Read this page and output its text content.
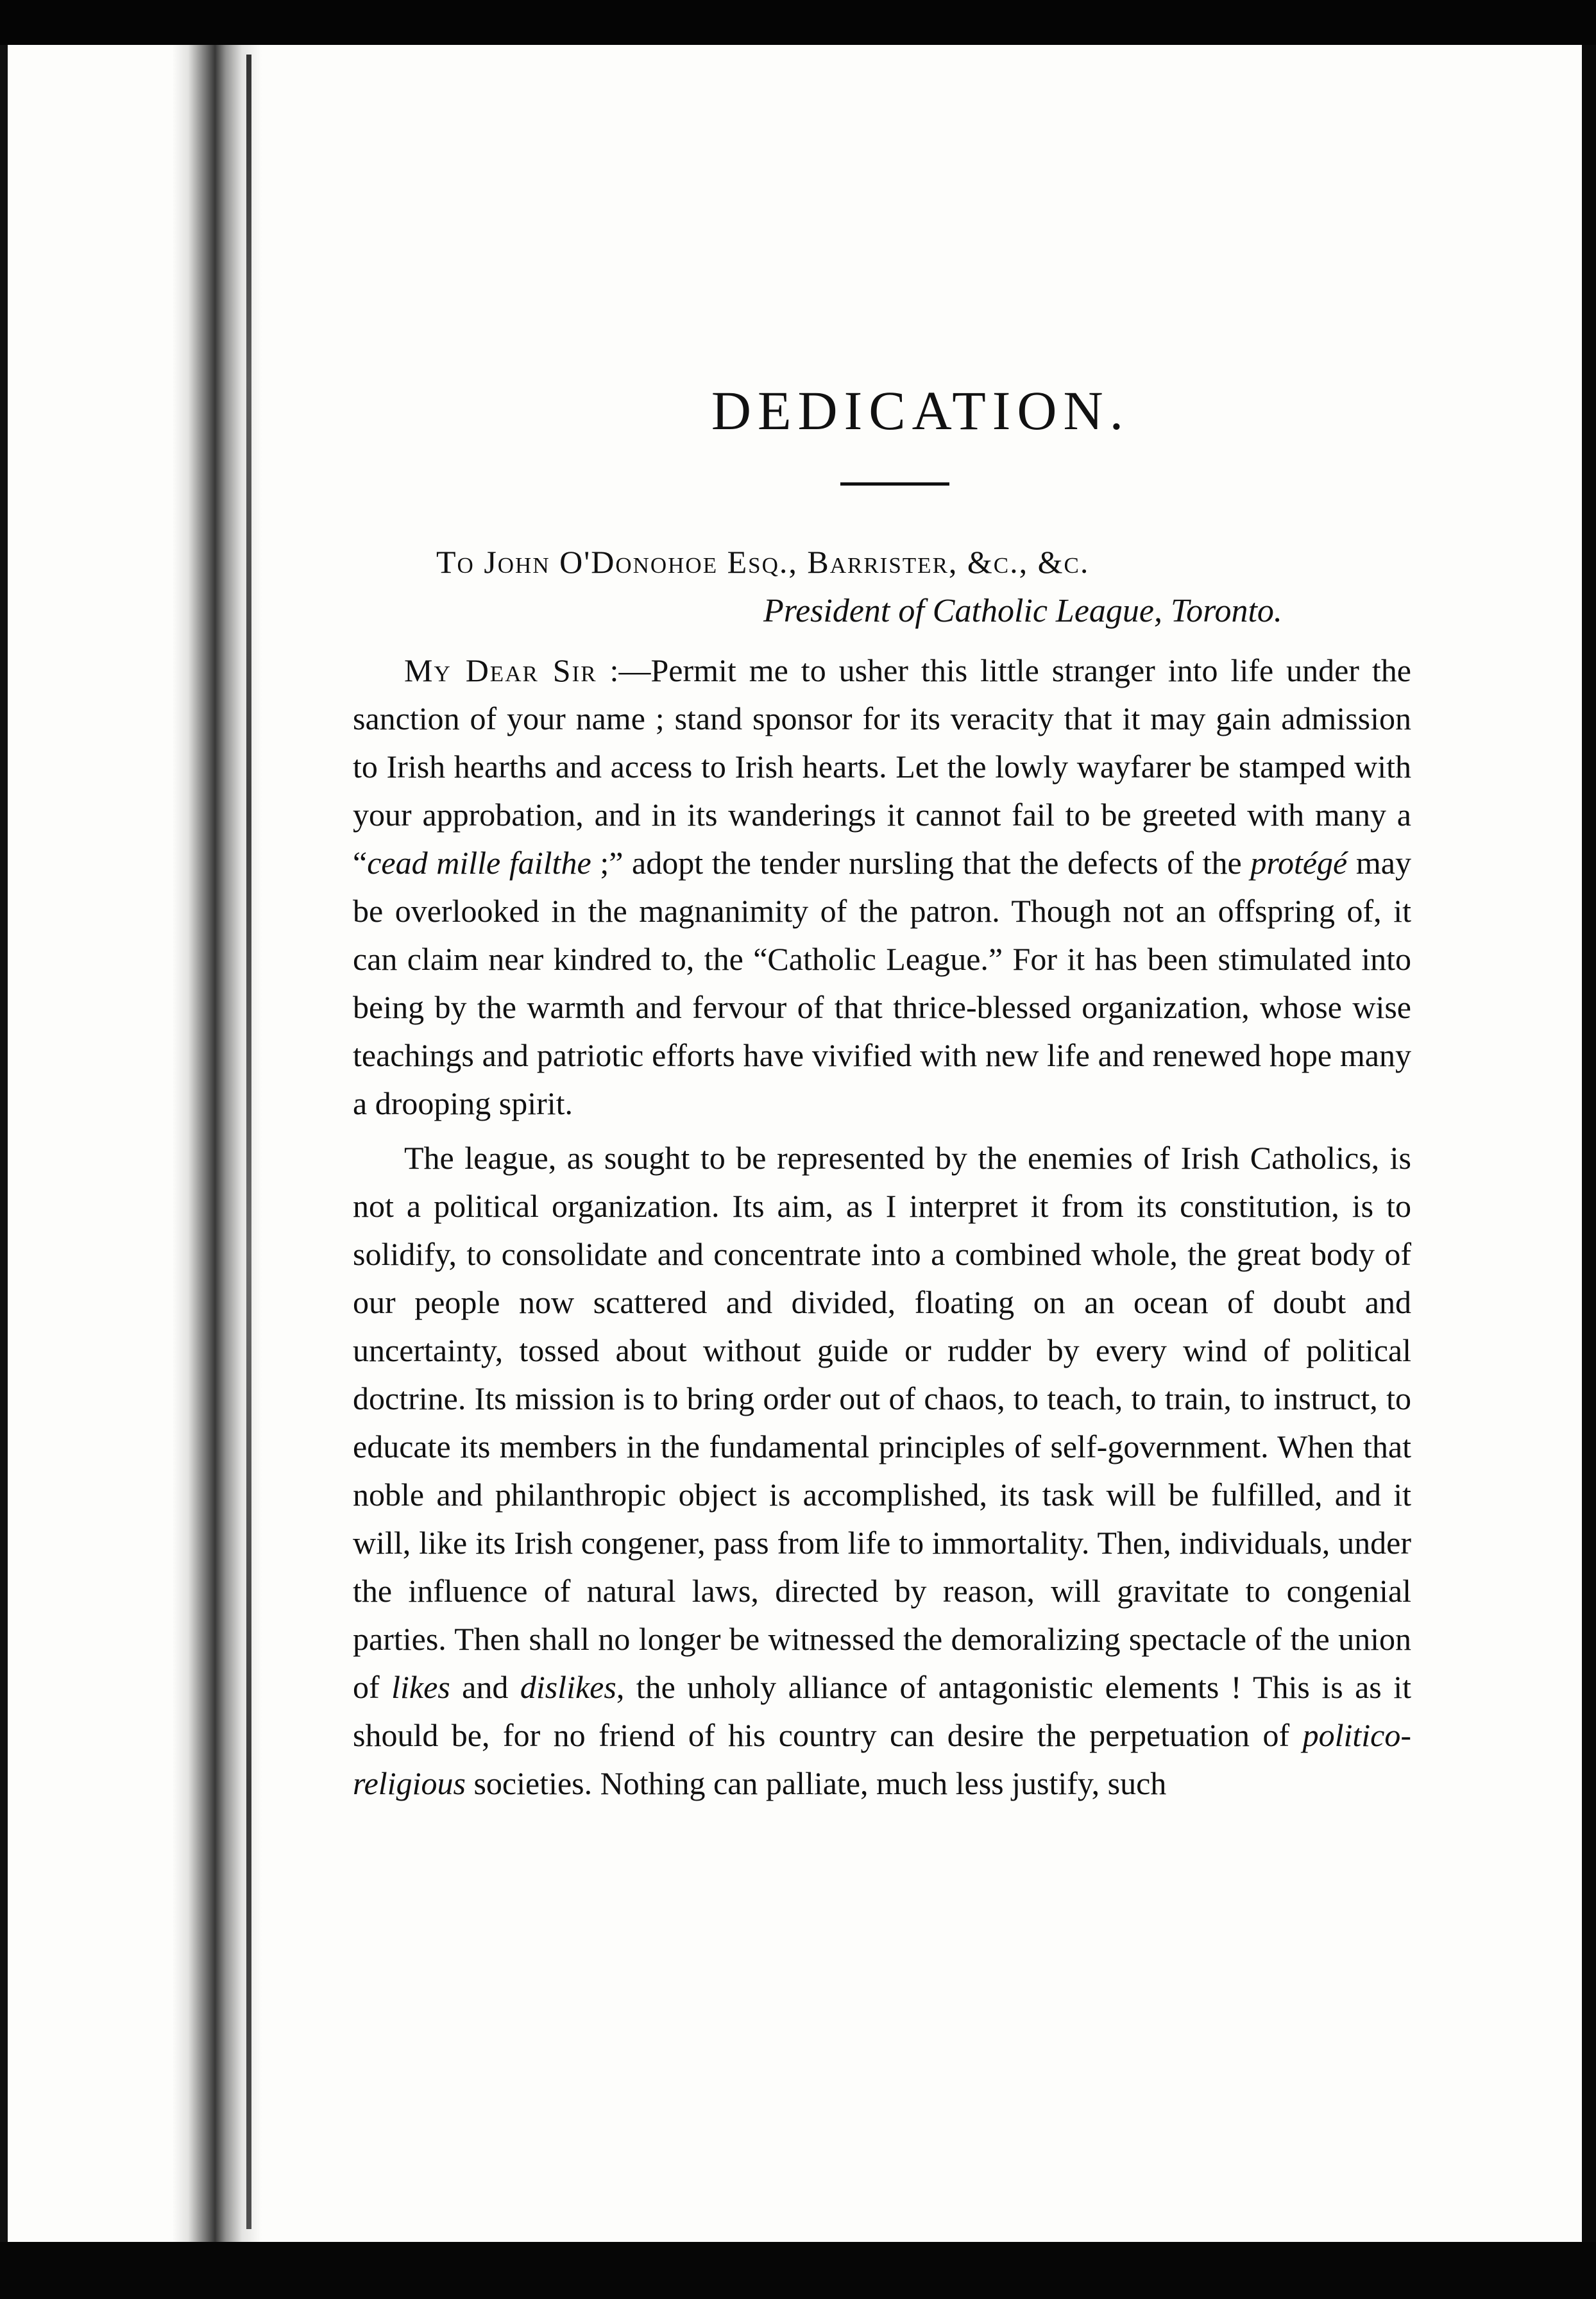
DEDICATION.
To John O'Donohoe Esq., Barrister, &c., &c.
President of Catholic League, Toronto.

My Dear Sir :—Permit me to usher this little stranger into life under the sanction of your name ; stand sponsor for its veracity that it may gain admission to Irish hearths and access to Irish hearts. Let the lowly wayfarer be stamped with your approbation, and in its wanderings it cannot fail to be greeted with many a “cead mille failthe ;” adopt the tender nursling that the defects of the protégé may be overlooked in the magnanimity of the patron. Though not an offspring of, it can claim near kindred to, the “Catholic League.” For it has been stimulated into being by the warmth and fervour of that thrice-blessed organization, whose wise teachings and patriotic efforts have vivified with new life and renewed hope many a drooping spirit.

The league, as sought to be represented by the enemies of Irish Catholics, is not a political organization. Its aim, as I interpret it from its constitution, is to solidify, to consolidate and concentrate into a combined whole, the great body of our people now scattered and divided, floating on an ocean of doubt and uncertainty, tossed about without guide or rudder by every wind of political doctrine. Its mission is to bring order out of chaos, to teach, to train, to instruct, to educate its members in the fundamental principles of self-government. When that noble and philanthropic object is accomplished, its task will be fulfilled, and it will, like its Irish congener, pass from life to immortality. Then, individuals, under the influence of natural laws, directed by reason, will gravitate to congenial parties. Then shall no longer be witnessed the demoralizing spectacle of the union of likes and dislikes, the unholy alliance of antagonistic elements ! This is as it should be, for no friend of his country can desire the perpetuation of politico-religious societies. Nothing can palliate, much less justify, such
